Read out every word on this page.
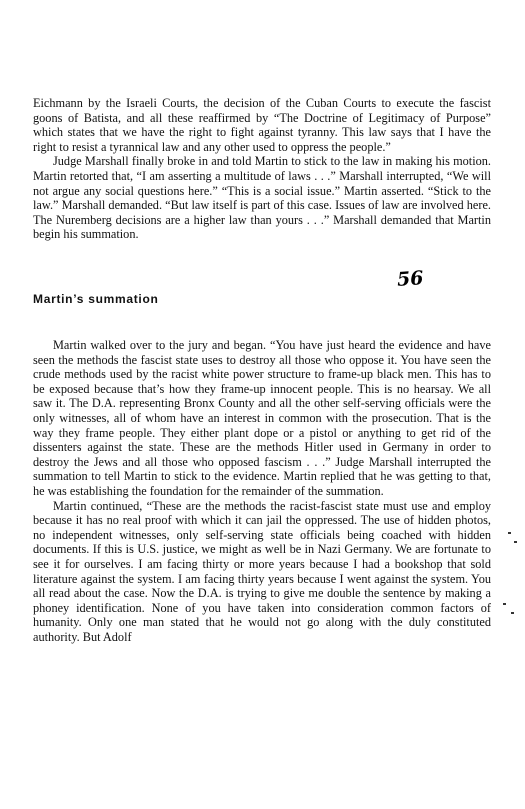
Eichmann by the Israeli Courts, the decision of the Cuban Courts to execute the fascist goons of Batista, and all these reaffirmed by “The Doctrine of Legitimacy of Purpose” which states that we have the right to fight against tyranny. This law says that I have the right to resist a tyrannical law and any other used to oppress the people.”

Judge Marshall finally broke in and told Martin to stick to the law in making his motion. Martin retorted that, “I am asserting a multitude of laws . . .” Marshall interrupted, “We will not argue any social questions here.” “This is a social issue.” Martin asserted. “Stick to the law.” Marshall demanded. “But law itself is part of this case. Issues of law are involved here. The Nuremberg decisions are a higher law than yours . . .” Marshall demanded that Martin begin his summation.

56
Martin’s summation

Martin walked over to the jury and began. “You have just heard the evidence and have seen the methods the fascist state uses to destroy all those who oppose it. You have seen the crude methods used by the racist white power structure to frame-up black men. This has to be exposed because that’s how they frame-up innocent people. This is no hearsay. We all saw it. The D.A. representing Bronx County and all the other self-serving officials were the only witnesses, all of whom have an interest in common with the prosecution. That is the way they frame people. They either plant dope or a pistol or anything to get rid of the dissenters against the state. These are the methods Hitler used in Germany in order to destroy the Jews and all those who opposed fascism . . .” Judge Marshall interrupted the summation to tell Martin to stick to the evidence. Martin replied that he was getting to that, he was establishing the foundation for the remainder of the summation.

Martin continued, “These are the methods the racist-fascist state must use and employ because it has no real proof with which it can jail the oppressed. The use of hidden photos, no independent witnesses, only self-serving state officials being coached with hidden documents. If this is U.S. justice, we might as well be in Nazi Germany. We are fortunate to see it for ourselves. I am facing thirty or more years because I had a bookshop that sold literature against the system. I am facing thirty years because I went against the system. You all read about the case. Now the D.A. is trying to give me double the sentence by making a phoney identification. None of you have taken into consideration common factors of humanity. Only one man stated that he would not go along with the duly constituted authority. But Adolf
